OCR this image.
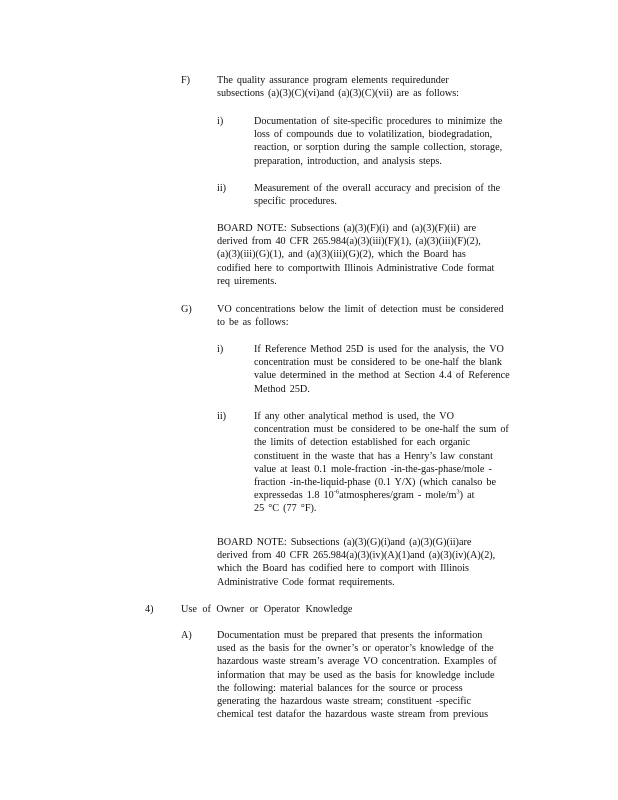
F)	The quality assurance program elements requiredunder
subsections (a)(3)(C)(vi)and (a)(3)(C)(vii) are as follows:
i)	Documentation of site-specific procedures to minimize the
loss of compounds due to volatilization, biodegradation,
reaction, or sorption during the sample collection, storage,
preparation, introduction, and analysis steps.
ii)	Measurement of the overall accuracy and precision of the
specific procedures.
BOARD NOTE: Subsections (a)(3)(F)(i) and (a)(3)(F)(ii) are
derived from 40 CFR 265.984(a)(3)(iii)(F)(1), (a)(3)(iii)(F)(2),
(a)(3)(iii)(G)(1), and (a)(3)(iii)(G)(2), which the Board has
codified here to comportwith Illinois Administrative Code format
req uirements.
G) VO concentrations below the limit of detection must be considered
to be as follows:
i)	If Reference Method 25D is used for the analysis, the VO
concentration must be considered to be one-half the blank
value determined in the method at Section 4.4 of Reference
Method 25D.
ii)	If any other analytical method is used, the VO
concentration must be considered to be one-half the sum of
the limits of detection established for each organic
constituent in the waste that has a Henry’s law constant
value at least 0.1 mole-fraction -in-the-gas-phase/mole -
fraction -in-the-liquid-phase (0.1 Y/X) (which canalso be
expressedas 1.8 $10^{-6}atmospheres$/gram - mole/$m^3$) at
25 °C (77 °F).
BOARD NOTE: Subsections (a)(3)(G)(i)and (a)(3)(G)(ii)are
derived from 40 CFR 265.984(a)(3)(iv)(A)(1)and (a)(3)(iv)(A)(2),
which the Board has codified here to comport with Illinois
Administrative Code format requirements.
4)	Use of Owner or Operator Knowledge
A) Documentation must be prepared that presents the information
used as the basis for the owner’s or operator’s knowledge of the
hazardous waste stream’s average VO concentration. Examples of
information that may be used as the basis for knowledge include
the following: material balances for the source or process
generating the hazardous waste stream; constituent -specific
chemical test datafor the hazardous waste stream from previous
